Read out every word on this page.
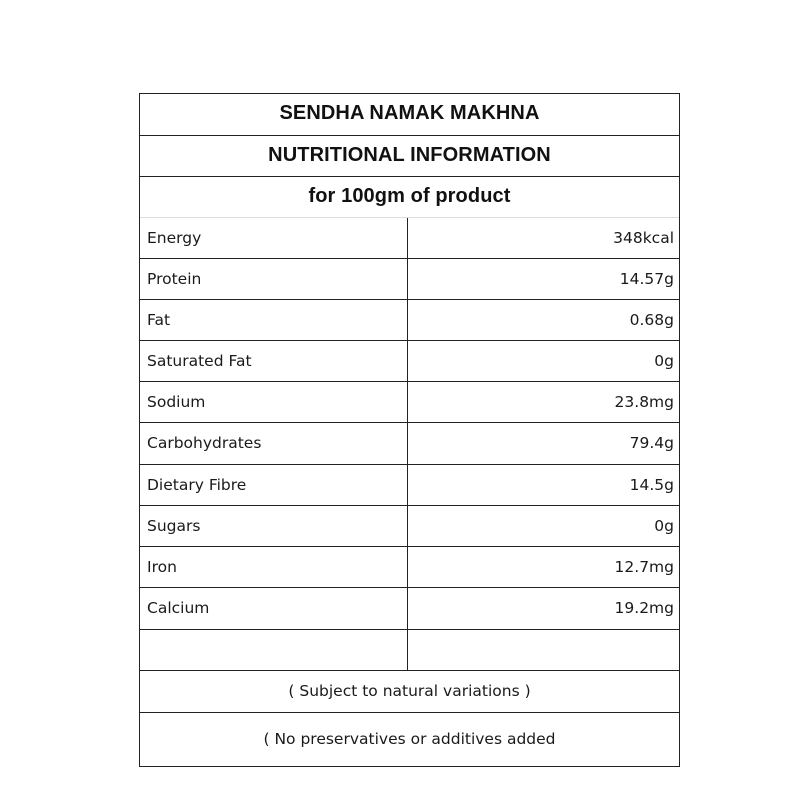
SENDHA NAMAK MAKHNA
NUTRITIONAL INFORMATION
for 100gm of product
Energy	348kcal
Protein	14.57g
Fat	0.68g
Saturated Fat	0g
Sodium	23.8mg
Carbohydrates	79.4g
Dietary Fibre	14.5g
Sugars	0g
Iron	12.7mg
Calcium	19.2mg
( Subject to natural variations )
( No preservatives or additives added
